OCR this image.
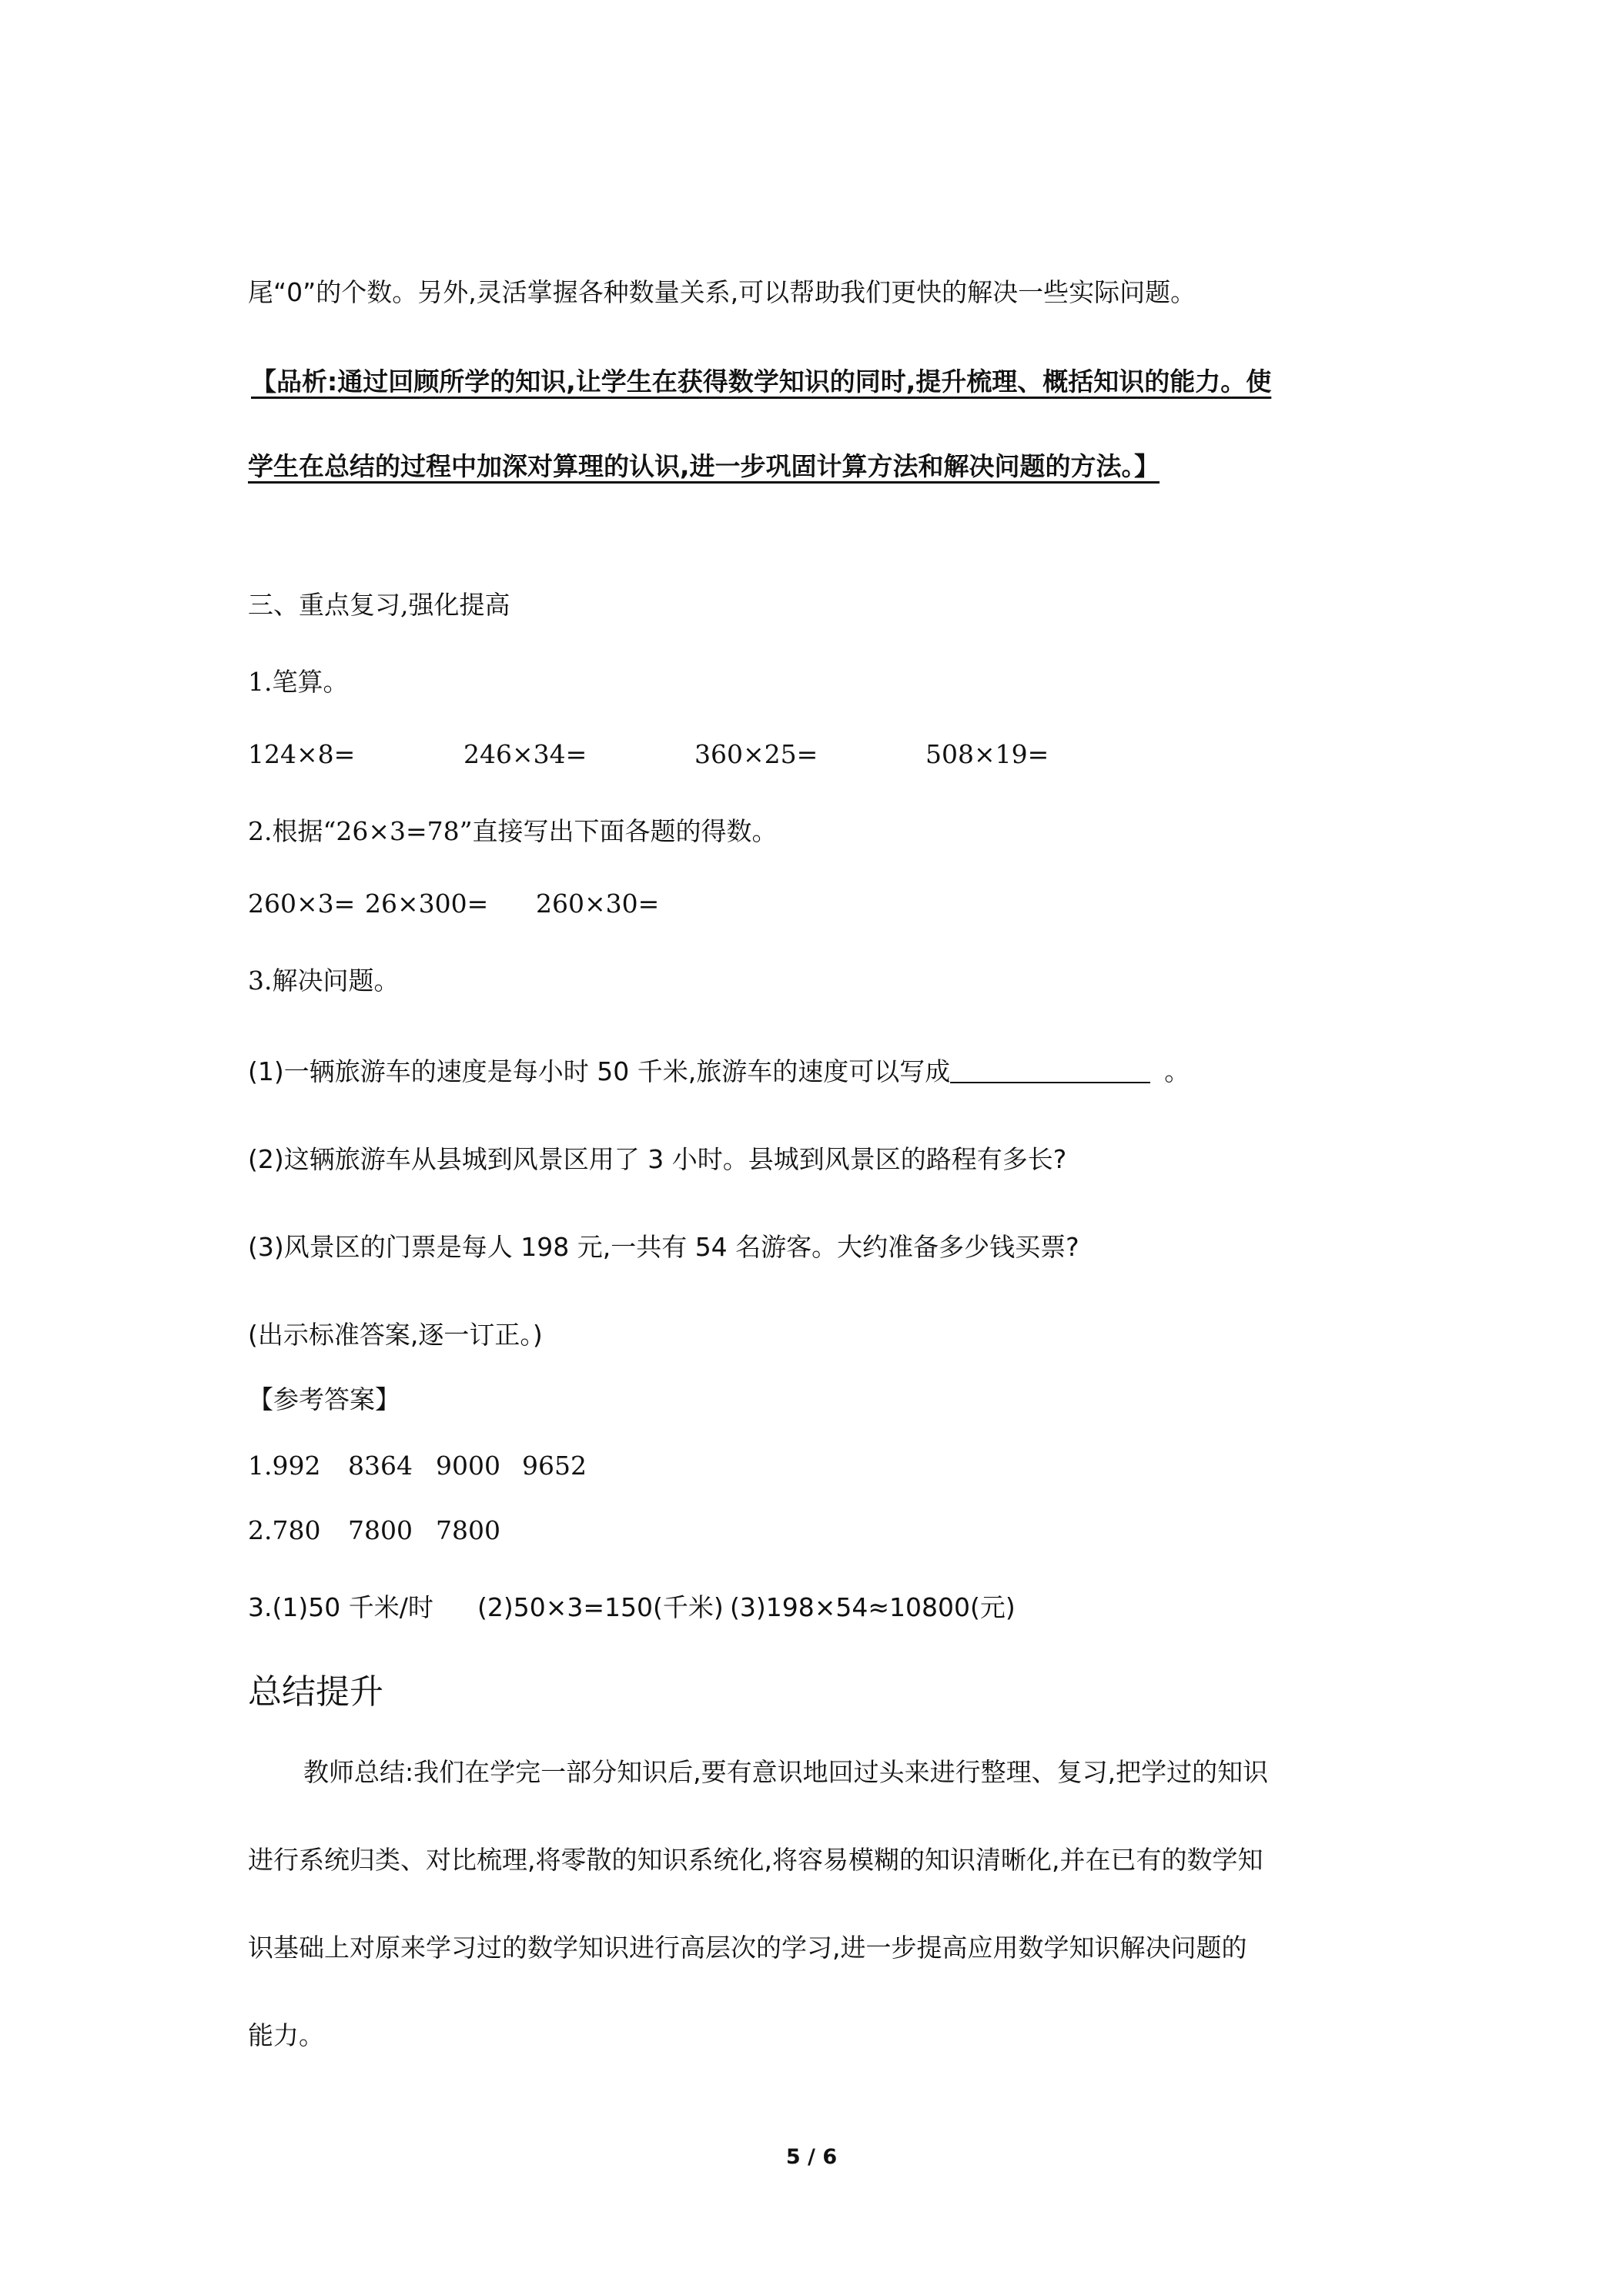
尾“0”的个数。另外,灵活掌握各种数量关系,可以帮助我们更快的解决一些实际问题。
【品析:通过回顾所学的知识,让学生在获得数学知识的同时,提升梳理、概括知识的能力。使
学生在总结的过程中加深对算理的认识,进一步巩固计算方法和解决问题的方法。】
三、重点复习,强化提高
1.笔算。
124×8=	246×34=	360×25=	508×19=
2.根据“26×3=78”直接写出下面各题的得数。
260×3= 26×300= 260×30=
3.解决问题。
(1)一辆旅游车的速度是每小时 50 千米,旅游车的速度可以写成	。
(2)这辆旅游车从县城到风景区用了 3 小时。县城到风景区的路程有多长?
(3)风景区的门票是每人 198 元,一共有 54 名游客。大约准备多少钱买票?
(出示标准答案,逐一订正。)
【参考答案】
1.992 8364 9000 9652
2.780 7800 7800
3.(1)50 千米/时 (2)50×3=150(千米) (3)198×54≈10800(元)
总结提升
教师总结:我们在学完一部分知识后,要有意识地回过头来进行整理、复习,把学过的知识
进行系统归类、对比梳理,将零散的知识系统化,将容易模糊的知识清晰化,并在已有的数学知
识基础上对原来学习过的数学知识进行高层次的学习,进一步提高应用数学知识解决问题的
能力。
5 / 6
